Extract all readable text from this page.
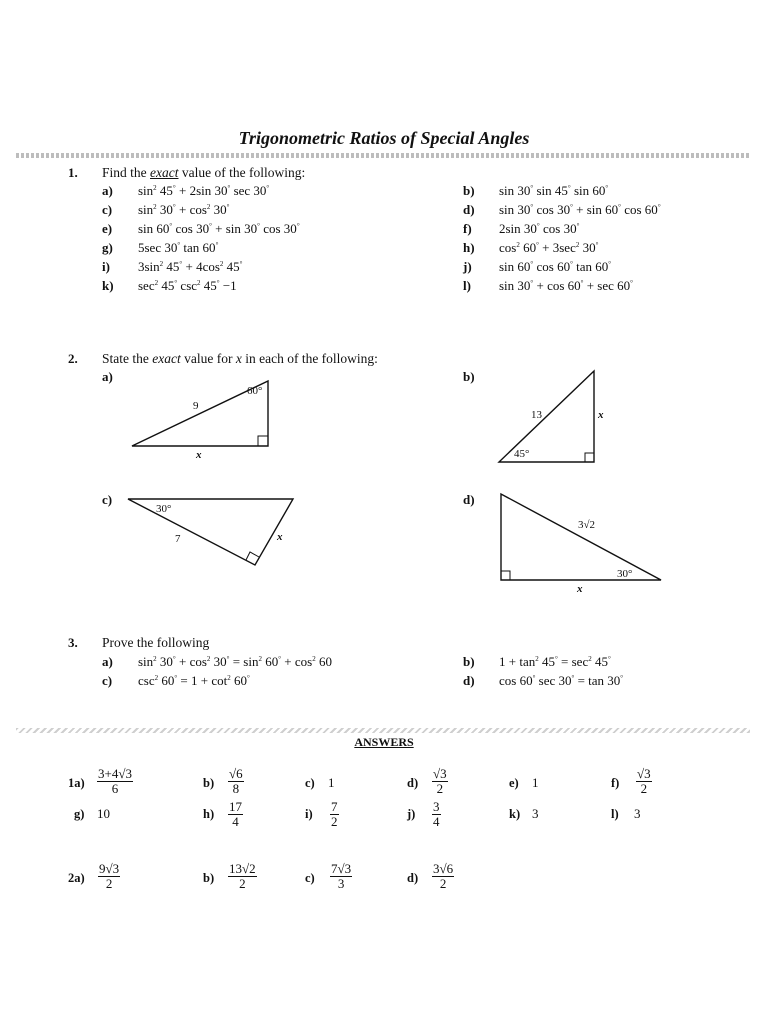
Trigonometric Ratios of Special Angles
1. Find the exact value of the following:
a) $\sin^2 45^\circ + 2\sin$ 30° sec 30°	b) sin 30° sin 45° sin 60°
c) $\sin^2 30^\circ + \cos^2 30^\circ$	d) sin 30° cos 30° + sin 60° cos 60°
e) sin 60° cos 30° + sin 30° cos 30°	f) 2sin 30° cos 30°
g) 5sec 30° tan 60°	h) $\cos^2 60^\circ + 3\sec^2$ 30°
i) $3\sin^2$ $45^\circ + 4\cos^2$ 45°	j) sin 60° cos 60° tan 60°
k) $\sec^2 45^\circ$ $\csc^2 45^\circ -1$	l) sin 30° + cos 60° + sec 60°
2. State the exact value for x in each of the following:
a)
9
60°
x
13
45°
x
30°
7	x
3√2
30°
x
b)
c)	d)
3. Prove the following
a) $\sin^2 30^\circ + \cos^2 30^\circ = \sin^2 60^\circ + \cos^2 60$	b) $1 + \tan^2 45^\circ = \sec^2 45^\circ$
c) $\csc^2 60^\circ = 1 + \cot^2 60^\circ$	d) cos 60° sec 30° = tan 30°
ANSWERS
$1a) \frac{3+4√3}{6}$	$b) \frac{√6}{8}$	c) 1	$d) \frac{√3}{2}$	e) 1	$f) \frac{√3}{2}$
g) 10	$h) \frac{17}{4}$	$i) \frac{7}{2}$	$j) \frac{3}{4}$	k) 3	l) 3
$2a) \frac{9√3}{2}$	$b) \frac{13√2}{2}$	$c) \frac{7√3}{3}$	$d) \frac{3√6}{2}$
